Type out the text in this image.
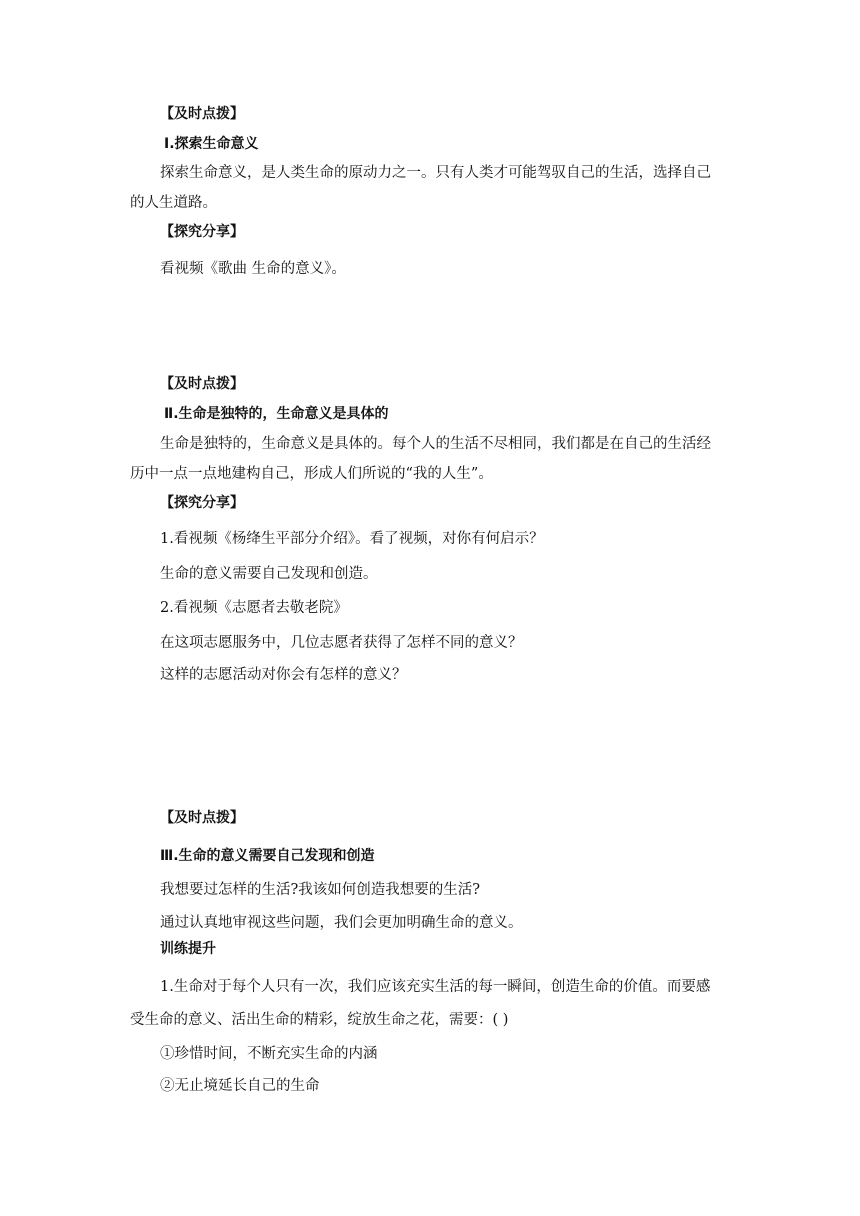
【及时点拨】
Ⅰ.探索生命意义
探索生命意义，是人类生命的原动力之一。只有人类才可能驾驭自己的生活，选择自己
的人生道路。
【探究分享】
看视频《歌曲 生命的意义》。
【及时点拨】
Ⅱ.生命是独特的，生命意义是具体的
生命是独特的，生命意义是具体的。每个人的生活不尽相同，我们都是在自己的生活经
历中一点一点地建构自己，形成人们所说的“我的人生”。
【探究分享】
1.看视频《杨绛生平部分介绍》。看了视频，对你有何启示？
生命的意义需要自己发现和创造。
2.看视频《志愿者去敬老院》
在这项志愿服务中，几位志愿者获得了怎样不同的意义？
这样的志愿活动对你会有怎样的意义？
【及时点拨】
Ⅲ.生命的意义需要自己发现和创造
我想要过怎样的生活?我该如何创造我想要的生活?
通过认真地审视这些问题，我们会更加明确生命的意义。
训练提升
1.生命对于每个人只有一次，我们应该充实生活的每一瞬间，创造生命的价值。而要感
受生命的意义、活出生命的精彩，绽放生命之花，需要：( )
①珍惜时间，不断充实生命的内涵
②无止境延长自己的生命
